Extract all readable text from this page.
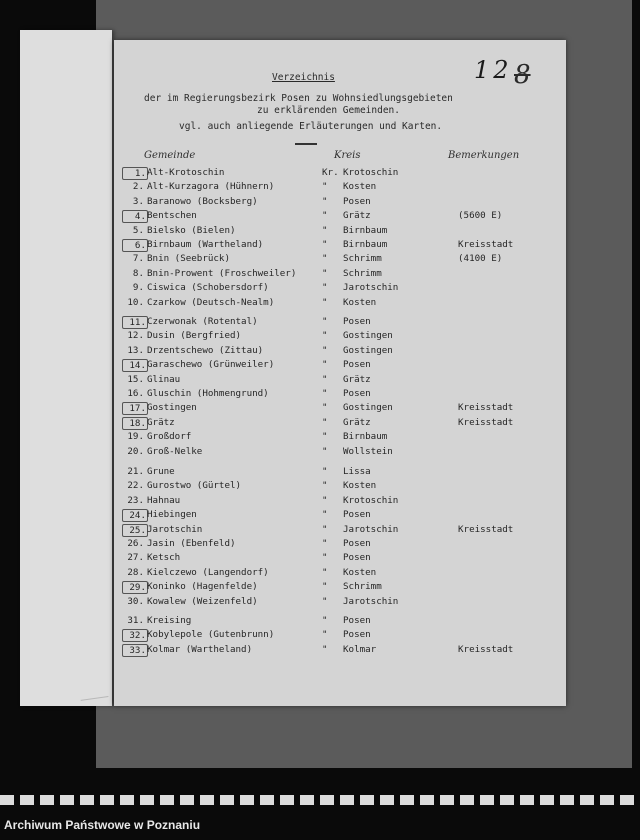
12 8
Verzeichnis
der im Regierungsbezirk Posen zu Wohnsiedlungsgebieten
zu erklärenden Gemeinden.
vgl. auch anliegende Erläuterungen und Karten.
Gemeinde	Kreis	Bemerkungen
1. Alt-Krotoschin	Kr. Krotoschin
2. Alt-Kurzagora (Hühnern)	" Kosten
3. Baranowo (Bocksberg)	" Posen
4. Bentschen	" Grätz	(5600 E)
5. Bielsko (Bielen)	" Birnbaum
6. Birnbaum (Wartheland)	" Birnbaum	Kreisstadt
7. Bnin (Seebrück)	" Schrimm	(4100 E)
8. Bnin-Prowent (Froschweiler)	" Schrimm
9. Ciswica (Schobersdorf)	" Jarotschin
10. Czarkow (Deutsch-Nealm)	" Kosten
11. Czerwonak (Rotental)	" Posen
12. Dusin (Bergfried)	" Gostingen
13. Drzentschewo (Zittau)	" Gostingen
14. Garaschewo (Grünweiler)	" Posen
15. Glinau	" Grätz
16. Gluschin (Hohmengrund)	" Posen
17. Gostingen	" Gostingen	Kreisstadt
18. Grätz	" Grätz	Kreisstadt
19. Großdorf	" Birnbaum
20. Groß-Nelke	" Wollstein
21. Grune	" Lissa
22. Gurostwo (Gürtel)	" Kosten
23. Hahnau	" Krotoschin
24. Hiebingen	" Posen
25. Jarotschin	" Jarotschin	Kreisstadt
26. Jasin (Ebenfeld)	" Posen
27. Ketsch	" Posen
28. Kielczewo (Langendorf)	" Kosten
29. Koninko (Hagenfelde)	" Schrimm
30. Kowalew (Weizenfeld)	" Jarotschin
31. Kreising	" Posen
32. Kobylepole (Gutenbrunn)	" Posen
33. Kolmar (Wartheland)	" Kolmar	Kreisstadt
Archiwum Państwowe w Poznaniu
